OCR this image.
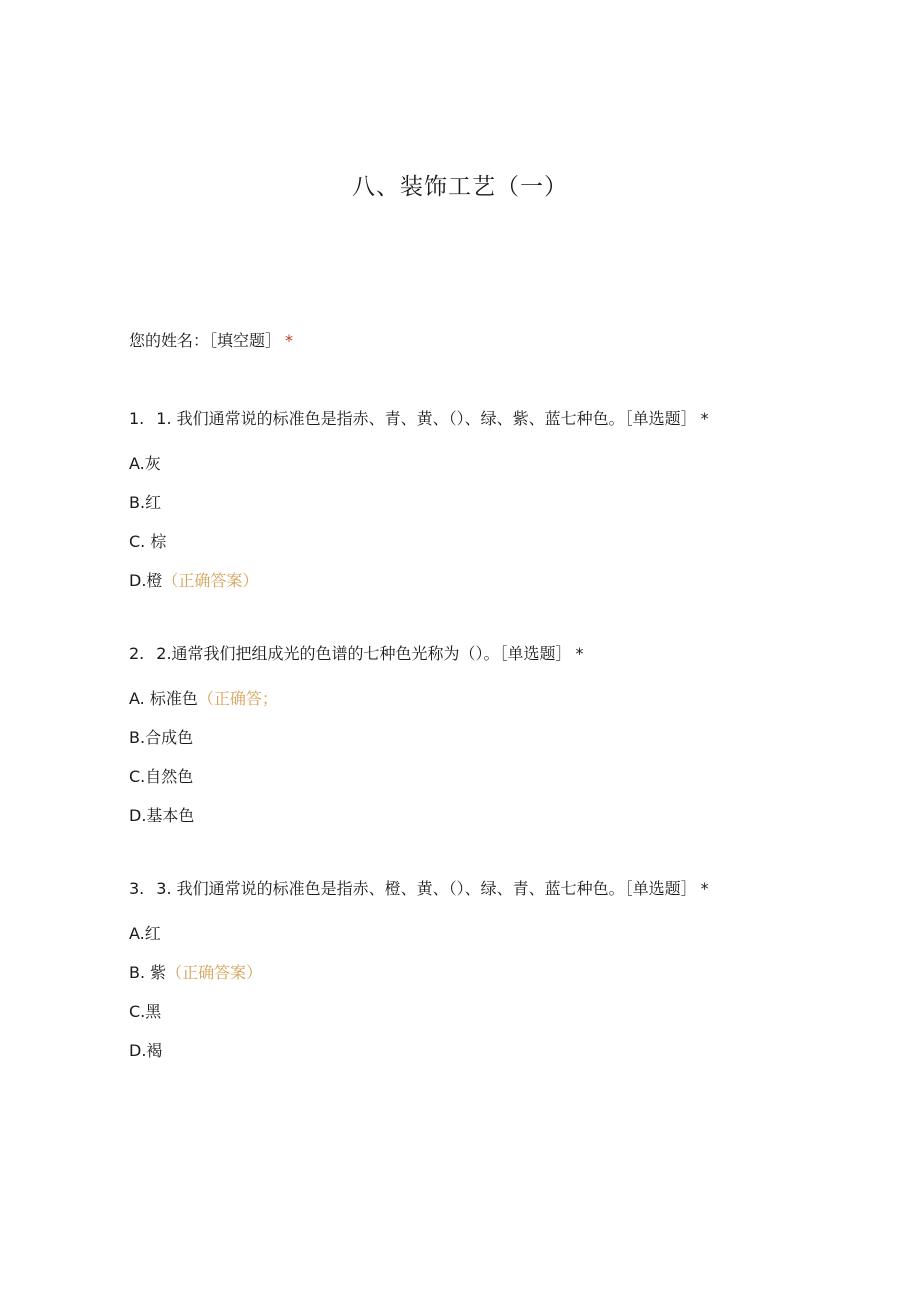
八、装饰工艺（一）
您的姓名：［填空题］ *
1. 1. 我们通常说的标准色是指赤、青、黄、（）、绿、紫、蓝七种色。［单选题］ *
A.灰
B.红
C. 棕
D.橙（正确答案）
2. 2.通常我们把组成光的色谱的七种色光称为（）。［单选题］ *
A. 标准色（正确答；
B.合成色
C.自然色
D.基本色
3. 3. 我们通常说的标准色是指赤、橙、黄、（）、绿、青、蓝七种色。［单选题］ *
A.红
B. 紫（正确答案）
C.黑
D.褐
